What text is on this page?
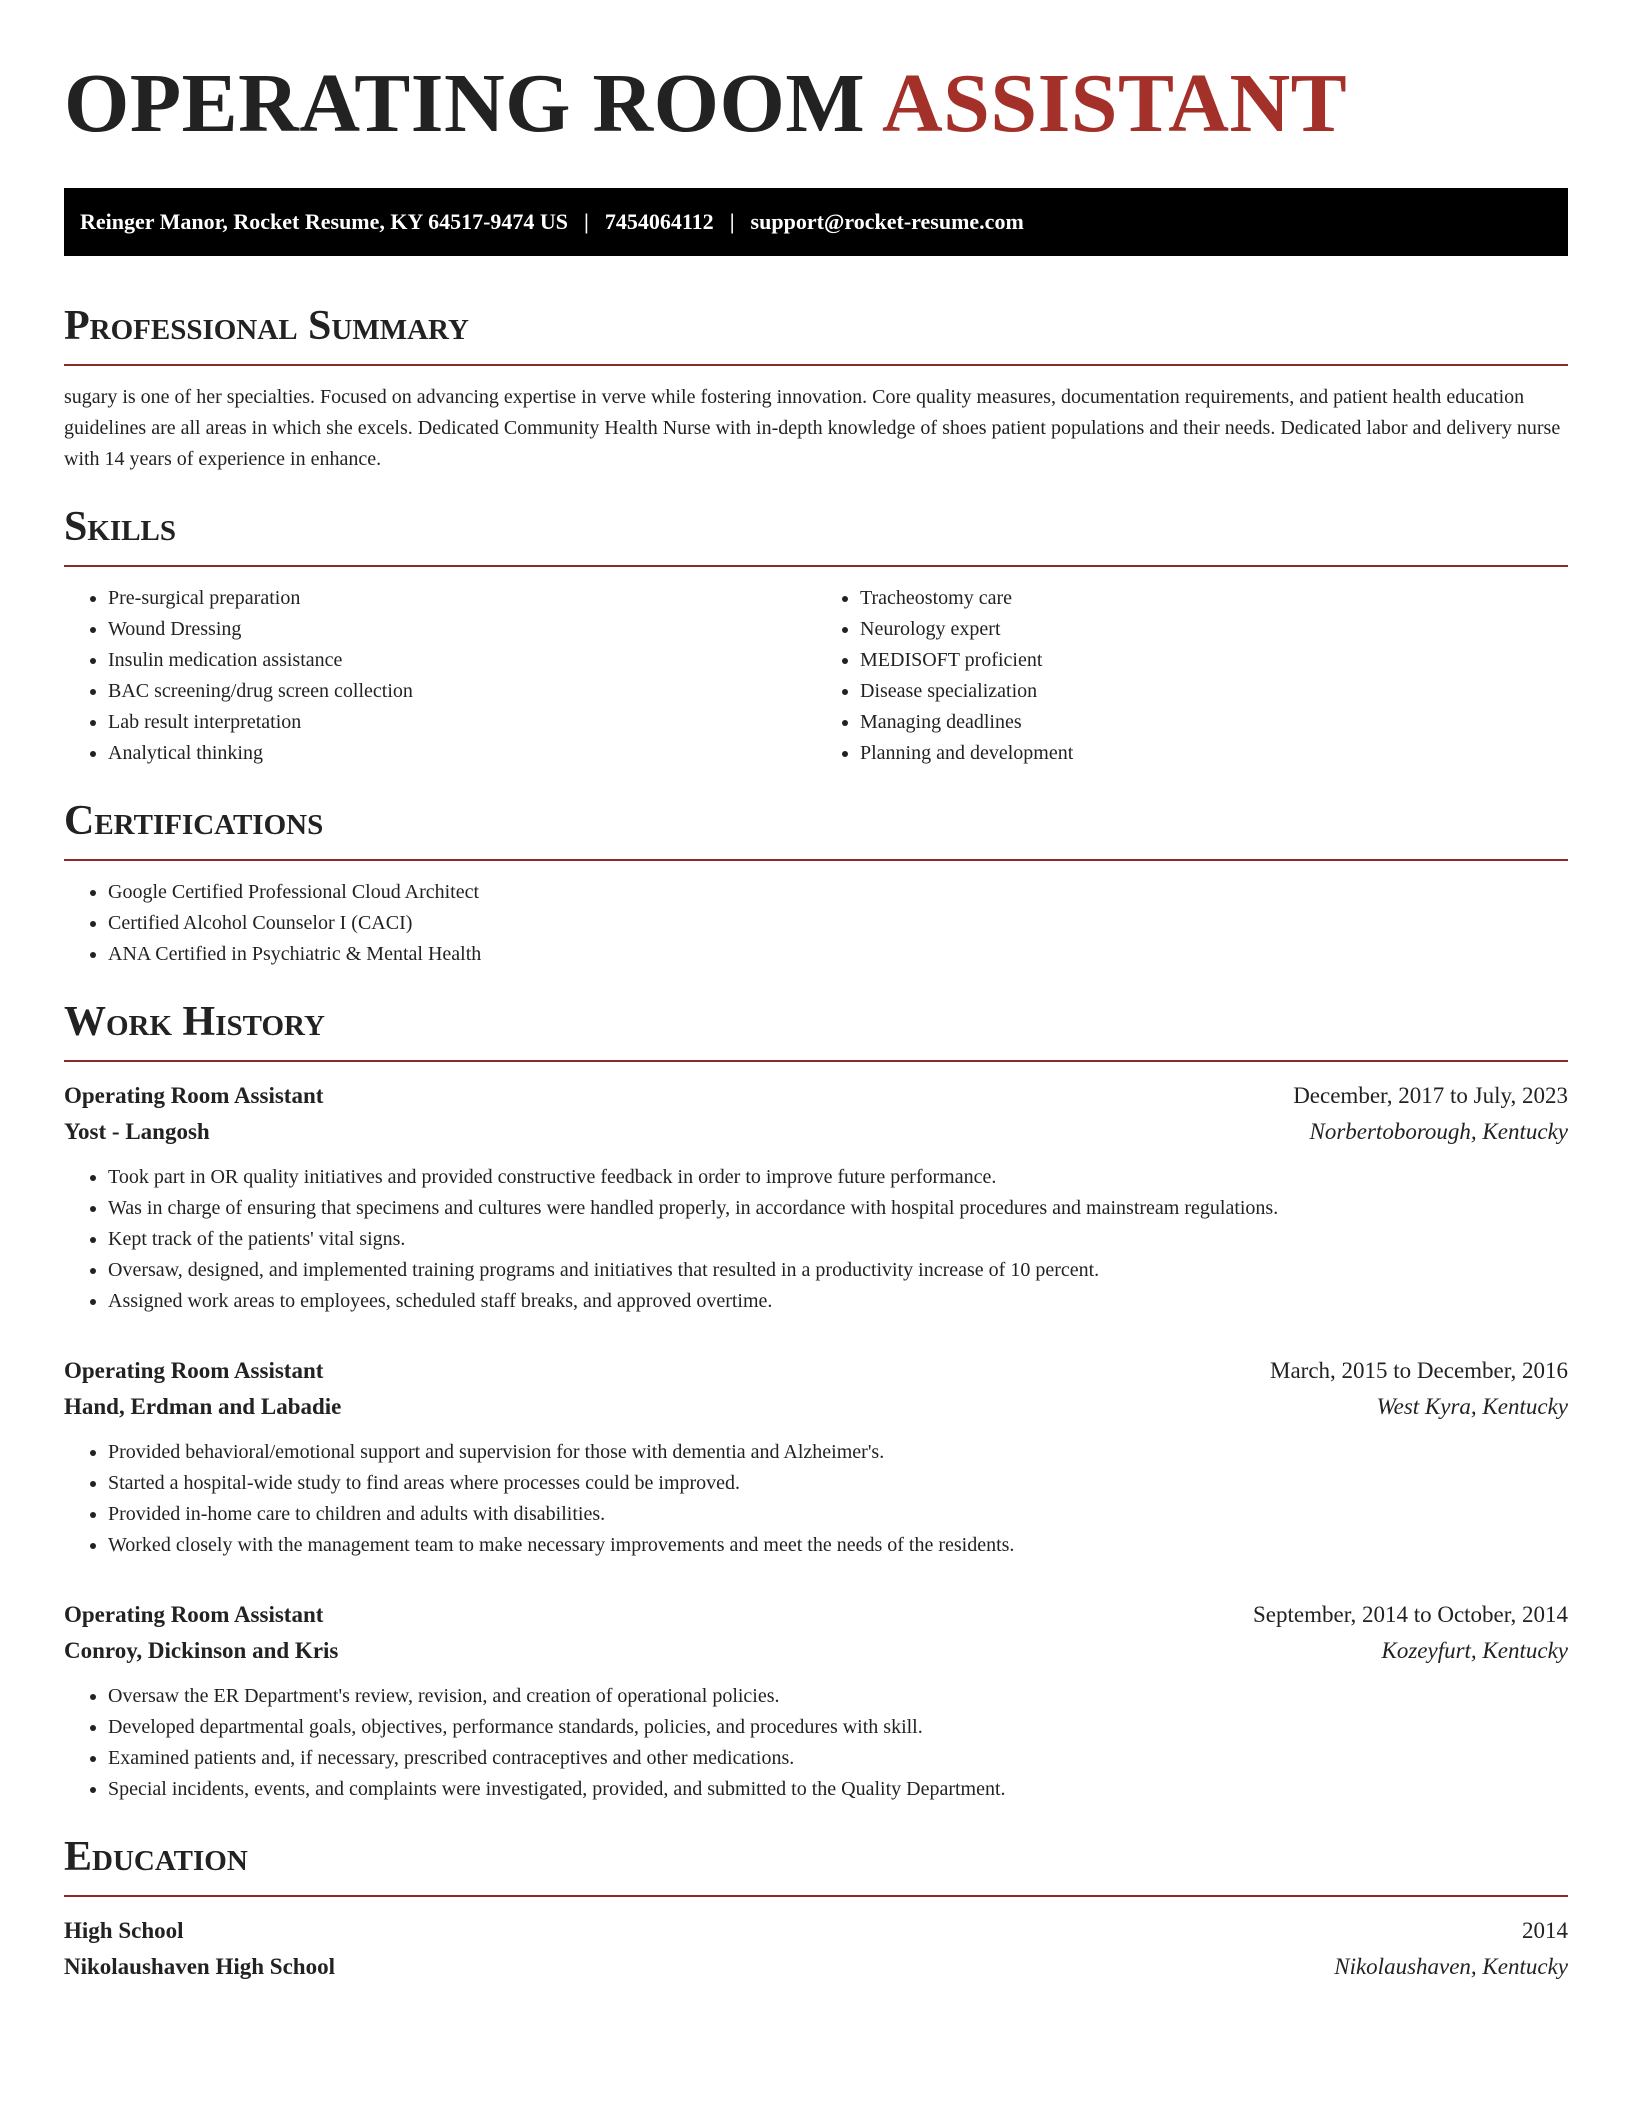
OPERATING ROOM ASSISTANT
Reinger Manor, Rocket Resume, KY 64517-9474 US | 7454064112 | support@rocket-resume.com
Professional Summary

sugary is one of her specialties. Focused on advancing expertise in verve while fostering innovation. Core quality measures, documentation requirements, and patient health education guidelines are all areas in which she excels. Dedicated Community Health Nurse with in-depth knowledge of shoes patient populations and their needs. Dedicated labor and delivery nurse with 14 years of experience in enhance.

Skills
• Pre-surgical preparation
• Wound Dressing
• Insulin medication assistance
• BAC screening/drug screen collection
• Lab result interpretation
• Analytical thinking
• Tracheostomy care
• Neurology expert
• MEDISOFT proficient
• Disease specialization
• Managing deadlines
• Planning and development
Certifications
• Google Certified Professional Cloud Architect
• Certified Alcohol Counselor I (CACI)
• ANA Certified in Psychiatric & Mental Health
Work History
Operating Room Assistant	December, 2017 to July, 2023
Yost - Langosh	Norbertoborough, Kentucky
• Took part in OR quality initiatives and provided constructive feedback in order to improve future performance.
• Was in charge of ensuring that specimens and cultures were handled properly, in accordance with hospital procedures and mainstream regulations.
• Kept track of the patients' vital signs.
• Oversaw, designed, and implemented training programs and initiatives that resulted in a productivity increase of 10 percent.
• Assigned work areas to employees, scheduled staff breaks, and approved overtime.
Operating Room Assistant	March, 2015 to December, 2016
Hand, Erdman and Labadie	West Kyra, Kentucky
• Provided behavioral/emotional support and supervision for those with dementia and Alzheimer's.
• Started a hospital-wide study to find areas where processes could be improved.
• Provided in-home care to children and adults with disabilities.
• Worked closely with the management team to make necessary improvements and meet the needs of the residents.
Operating Room Assistant	September, 2014 to October, 2014
Conroy, Dickinson and Kris	Kozeyfurt, Kentucky
• Oversaw the ER Department's review, revision, and creation of operational policies.
• Developed departmental goals, objectives, performance standards, policies, and procedures with skill.
• Examined patients and, if necessary, prescribed contraceptives and other medications.
• Special incidents, events, and complaints were investigated, provided, and submitted to the Quality Department.
Education
High School	2014
Nikolaushaven High School	Nikolaushaven, Kentucky
